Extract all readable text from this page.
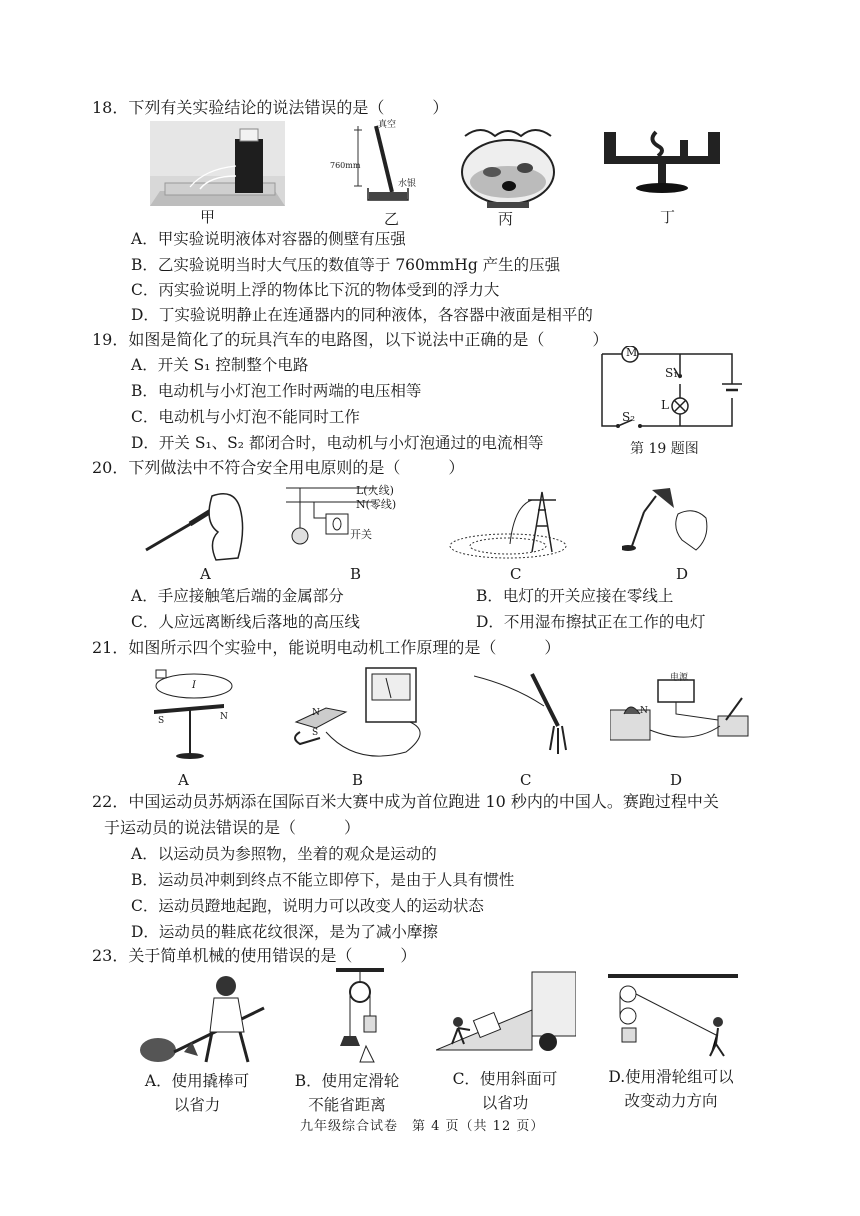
18．下列有关实验结论的说法错误的是（　　　）
甲
真空
760mm
水银
乙	丙	丁
A．甲实验说明液体对容器的侧壁有压强
B．乙实验说明当时大气压的数值等于 760mmHg 产生的压强
C．丙实验说明上浮的物体比下沉的物体受到的浮力大
D．丁实验说明静止在连通器内的同种液体，各容器中液面是相平的
19．如图是简化了的玩具汽车的电路图，以下说法中正确的是（　　　）
A．开关 S₁ 控制整个电路
B．电动机与小灯泡工作时两端的电压相等
C．电动机与小灯泡不能同时工作
D．开关 S₁、S₂ 都闭合时，电动机与小灯泡通过的电流相等
M
S₁
L
S₂
第 19 题图
20．下列做法中不符合安全用电原则的是（　　　）
A
L(火线)
N(零线)
开关
B	C	D
A．手应接触笔后端的金属部分	B．电灯的开关应接在零线上
C．人应远离断线后落地的高压线	D．不用湿布擦拭正在工作的电灯
21．如图所示四个实验中，能说明电动机工作原理的是（　　　）
I
S	N
A
N
S
B	C
电源
N
D
22．中国运动员苏炳添在国际百米大赛中成为首位跑进 10 秒内的中国人。赛跑过程中关
于运动员的说法错误的是（　　　）
A．以运动员为参照物，坐着的观众是运动的
B．运动员冲刺到终点不能立即停下，是由于人具有惯性
C．运动员蹬地起跑，说明力可以改变人的运动状态
D．运动员的鞋底花纹很深，是为了减小摩擦
23．关于简单机械的使用错误的是（　　　）
A．使用撬棒可
以省力
B．使用定滑轮
不能省距离
C．使用斜面可
以省功
D.使用滑轮组可以
改变动力方向
九年级综合试卷　第 4 页（共 12 页）
